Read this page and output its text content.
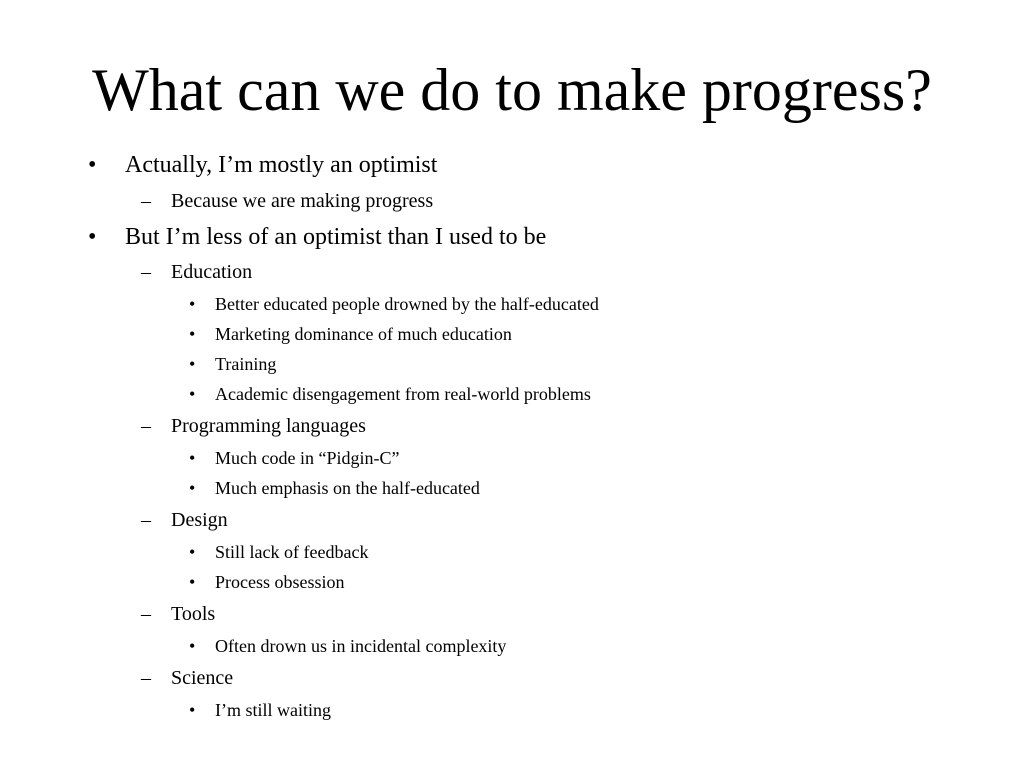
What can we do to make progress?
• Actually, I’m mostly an optimist
– Because we are making progress
• But I’m less of an optimist than I used to be
– Education
• Better educated people drowned by the half-educated
• Marketing dominance of much education
• Training
• Academic disengagement from real-world problems
– Programming languages
• Much code in “Pidgin-C”
• Much emphasis on the half-educated
– Design
• Still lack of feedback
• Process obsession
– Tools
• Often drown us in incidental complexity
– Science
• I’m still waiting
